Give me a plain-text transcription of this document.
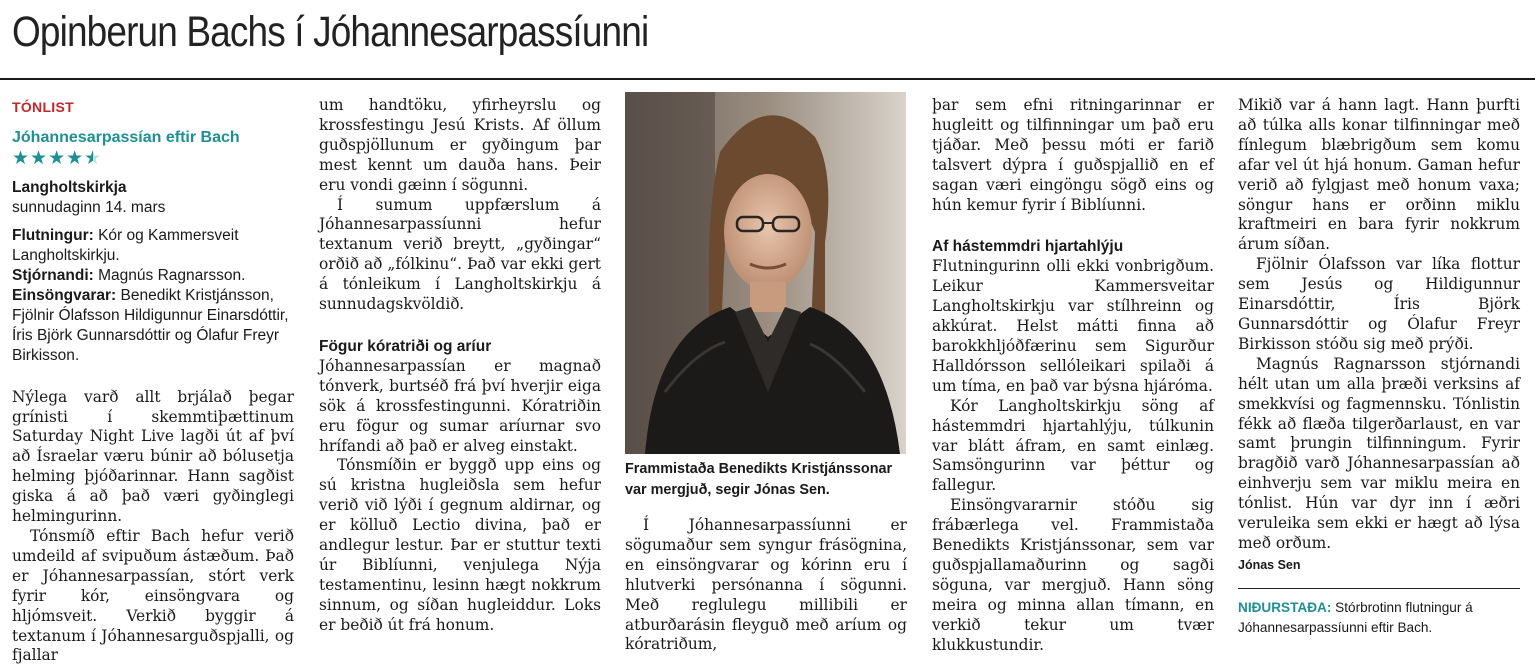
Opinberun Bachs í Jóhannesarpassíunni
TÓNLIST
Jóhannesarpassían eftir Bach
★★★★★
Langholtskirkja
sunnudaginn 14. mars
Flutningur: Kór og Kammersveit Langholtskirkju.
Stjórnandi: Magnús Ragnarsson.
Einsöngvarar: Benedikt Kristjánsson, Fjölnir Ólafsson Hildigunnur Einarsdóttir, Íris Björk Gunnarsdóttir og Ólafur Freyr Birkisson.

Nýlega varð allt brjálað þegar grínisti í skemmtiþættinum Saturday Night Live lagði út af því að Ísraelar væru búnir að bólusetja helming þjóðarinnar. Hann sagðist giska á að það væri gyðinglegi helmingurinn.

Tónsmíð eftir Bach hefur verið umdeild af svipuðum ástæðum. Það er Jóhannesarpassían, stórt verk fyrir kór, einsöngvara og hljómsveit. Verkið byggir á textanum í Jóhannesarguðspjalli, og fjallar

um handtöku, yfirheyrslu og krossfestingu Jesú Krists. Af öllum guðspjöllunum er gyðingum þar mest kennt um dauða hans. Þeir eru vondi gæinn í sögunni.

Í sumum uppfærslum á Jóhannesarpassíunni hefur textanum verið breytt, „gyðingar“ orðið að „fólkinu“. Það var ekki gert á tónleikum í Langholtskirkju á sunnudagskvöldið.

Fögur kóratriði og aríur

Jóhannesarpassían er magnað tónverk, burtséð frá því hverjir eiga sök á krossfestingunni. Kóratriðin eru fögur og sumar aríurnar svo hrífandi að það er alveg einstakt.

Tónsmíðin er byggð upp eins og sú kristna hugleiðsla sem hefur verið við lýði í gegnum aldirnar, og er kölluð Lectio divina, það er andlegur lestur. Þar er stuttur texti úr Biblíunni, venjulega Nýja testamentinu, lesinn hægt nokkrum sinnum, og síðan hugleiddur. Loks er beðið út frá honum.

Frammistaða Benedikts Kristjánssonar var mergjuð, segir Jónas Sen.

Í Jóhannesarpassíunni er sögumaður sem syngur frásögnina, en einsöngvarar og kórinn eru í hlutverki persónanna í sögunni. Með reglulegu millibili er atburðarásin fleyguð með aríum og kóratriðum,

þar sem efni ritningarinnar er hugleitt og tilfinningar um það eru tjáðar. Með þessu móti er farið talsvert dýpra í guðspjallið en ef sagan væri eingöngu sögð eins og hún kemur fyrir í Biblíunni.

Af hástemmdri hjartahlýju

Flutningurinn olli ekki vonbrigðum. Leikur Kammersveitar Langholtskirkju var stílhreinn og akkúrat. Helst mátti finna að barokkhljóðfærinu sem Sigurður Halldórsson sellóleikari spilaði á um tíma, en það var býsna hjáróma.

Kór Langholtskirkju söng af hástemmdri hjartahlýju, túlkunin var blátt áfram, en samt einlæg. Samsöngurinn var þéttur og fallegur.

Einsöngvararnir stóðu sig frábærlega vel. Frammistaða Benedikts Kristjánssonar, sem var guðspjallamaðurinn og sagði söguna, var mergjuð. Hann söng meira og minna allan tímann, en verkið tekur um tvær klukkustundir.

Mikið var á hann lagt. Hann þurfti að túlka alls konar tilfinningar með fínlegum blæbrigðum sem komu afar vel út hjá honum. Gaman hefur verið að fylgjast með honum vaxa; söngur hans er orðinn miklu kraftmeiri en bara fyrir nokkrum árum síðan.

Fjölnir Ólafsson var líka flottur sem Jesús og Hildigunnur Einarsdóttir, Íris Björk Gunnarsdóttir og Ólafur Freyr Birkisson stóðu sig með prýði.

Magnús Ragnarsson stjórnandi hélt utan um alla þræði verksins af smekkvísi og fagmennsku. Tónlistin fékk að flæða tilgerðarlaust, en var samt þrungin tilfinningum. Fyrir bragðið varð Jóhannesarpassían að einhverju sem var miklu meira en tónlist. Hún var dyr inn í æðri veruleika sem ekki er hægt að lýsa með orðum.

Jónas Sen
NIÐURSTAÐA: Stórbrotinn flutningur á Jóhannesarpassíunni eftir Bach.
